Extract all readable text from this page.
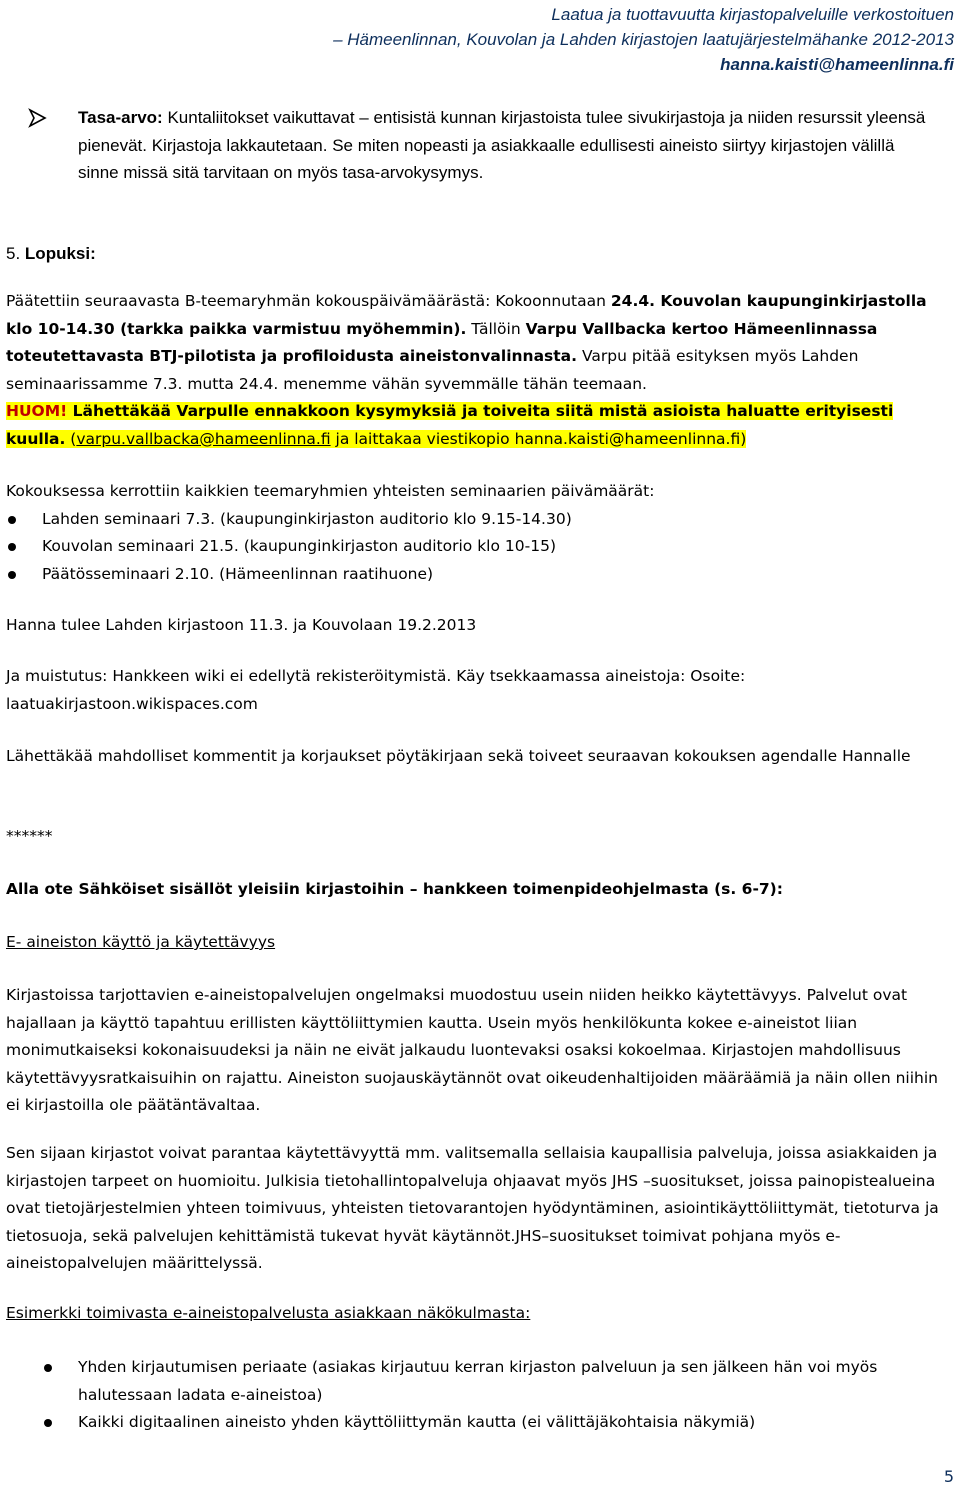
Laatua ja tuottavuutta kirjastopalveluille verkostoituen
– Hämeenlinnan, Kouvolan ja Lahden kirjastojen laatujärjestelmähanke 2012-2013
hanna.kaisti@hameenlinna.fi
Tasa-arvo: Kuntaliitokset vaikuttavat – entisistä kunnan kirjastoista tulee sivukirjastoja ja niiden resurssit yleensä pienevät. Kirjastoja lakkautetaan. Se miten nopeasti ja asiakkaalle edullisesti aineisto siirtyy kirjastojen välillä sinne missä sitä tarvitaan on myös tasa-arvokysymys.
5. Lopuksi:
Päätettiin seuraavasta B-teemaryhmän kokouspäivämäärästä: Kokoonnutaan 24.4. Kouvolan kaupunginkirjastolla klo 10-14.30 (tarkka paikka varmistuu myöhemmin). Tällöin Varpu Vallbacka kertoo Hämeenlinnassa toteutettavasta BTJ-pilotista ja profiloidusta aineistonvalinnasta. Varpu pitää esityksen myös Lahden seminaarissamme 7.3. mutta 24.4. menemme vähän syvemmälle tähän teemaan.
HUOM! Lähettäkää Varpulle ennakkoon kysymyksiä ja toiveita siitä mistä asioista haluatte erityisesti kuulla. (varpu.vallbacka@hameenlinna.fi ja laittakaa viestikopio hanna.kaisti@hameenlinna.fi)
Kokouksessa kerrottiin kaikkien teemaryhmien yhteisten seminaarien päivämäärät:
Lahden seminaari 7.3. (kaupunginkirjaston auditorio klo 9.15-14.30)
Kouvolan seminaari 21.5. (kaupunginkirjaston auditorio klo 10-15)
Päätösseminaari 2.10. (Hämeenlinnan raatihuone)
Hanna tulee Lahden kirjastoon 11.3. ja Kouvolaan 19.2.2013
Ja muistutus: Hankkeen wiki ei edellytä rekisteröitymistä. Käy tsekkaamassa aineistoja: Osoite: laatuakirjastoon.wikispaces.com
Lähettäkää mahdolliset kommentit ja korjaukset pöytäkirjaan sekä toiveet seuraavan kokouksen agendalle Hannalle
******
Alla ote Sähköiset sisällöt yleisiin kirjastoihin – hankkeen toimenpideohjelmasta (s. 6-7):
E- aineiston käyttö ja käytettävyys
Kirjastoissa tarjottavien e-aineistopalvelujen ongelmaksi muodostuu usein niiden heikko käytettävyys. Palvelut ovat hajallaan ja käyttö tapahtuu erillisten käyttöliittymien kautta. Usein myös henkilökunta kokee e-aineistot liian monimutkaiseksi kokonaisuudeksi ja näin ne eivät jalkaudu luontevaksi osaksi kokoelmaa. Kirjastojen mahdollisuus käytettävyysratkaisuihin on rajattu. Aineiston suojauskäytännöt ovat oikeudenhaltijoiden määräämiä ja näin ollen niihin ei kirjastoilla ole päätäntävaltaa.
Sen sijaan kirjastot voivat parantaa käytettävyyttä mm. valitsemalla sellaisia kaupallisia palveluja, joissa asiakkaiden ja kirjastojen tarpeet on huomioitu. Julkisia tietohallintopalveluja ohjaavat myös JHS –suositukset, joissa painopistealueina ovat tietojärjestelmien yhteen toimivuus, yhteisten tietovarantojen hyödyntäminen, asiointikäyttöliittymät, tietoturva ja tietosuoja, sekä palvelujen kehittämistä tukevat hyvät käytännöt.JHS–suositukset toimivat pohjana myös e-aineistopalvelujen määrittelyssä.
Esimerkki toimivasta e-aineistopalvelusta asiakkaan näkökulmasta:
Yhden kirjautumisen periaate (asiakas kirjautuu kerran kirjaston palveluun ja sen jälkeen hän voi myös halutessaan ladata e-aineistoa)
Kaikki digitaalinen aineisto yhden käyttöliittymän kautta (ei välittäjäkohtaisia näkymiä)
5
